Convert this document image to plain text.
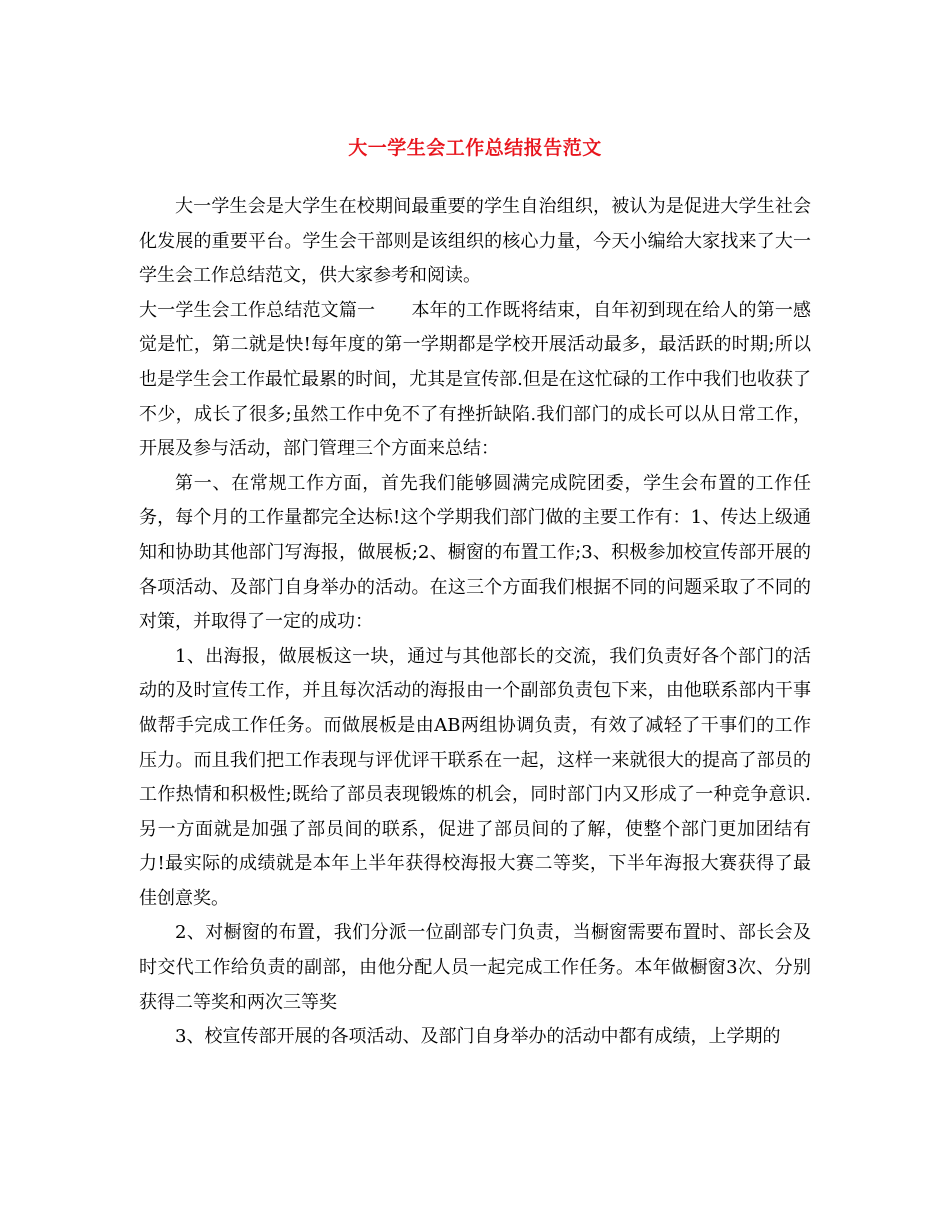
大一学生会工作总结报告范文

大一学生会是大学生在校期间最重要的学生自治组织，被认为是促进大学生社会化发展的重要平台。学生会干部则是该组织的核心力量，今天小编给大家找来了大一学生会工作总结范文，供大家参考和阅读。

大一学生会工作总结范文篇一　　本年的工作既将结束，自年初到现在给人的第一感觉是忙，第二就是快!每年度的第一学期都是学校开展活动最多，最活跃的时期;所以也是学生会工作最忙最累的时间，尤其是宣传部.但是在这忙碌的工作中我们也收获了不少，成长了很多;虽然工作中免不了有挫折缺陷.我们部门的成长可以从日常工作，开展及参与活动，部门管理三个方面来总结：

第一、在常规工作方面，首先我们能够圆满完成院团委，学生会布置的工作任务，每个月的工作量都完全达标!这个学期我们部门做的主要工作有：1、传达上级通知和协助其他部门写海报，做展板;2、橱窗的布置工作;3、积极参加校宣传部开展的各项活动、及部门自身举办的活动。在这三个方面我们根据不同的问题采取了不同的对策，并取得了一定的成功：

1、出海报，做展板这一块，通过与其他部长的交流，我们负责好各个部门的活动的及时宣传工作，并且每次活动的海报由一个副部负责包下来，由他联系部内干事做帮手完成工作任务。而做展板是由AB两组协调负责，有效了减轻了干事们的工作压力。而且我们把工作表现与评优评干联系在一起，这样一来就很大的提高了部员的工作热情和积极性;既给了部员表现锻炼的机会，同时部门内又形成了一种竞争意识.另一方面就是加强了部员间的联系，促进了部员间的了解，使整个部门更加团结有力!最实际的成绩就是本年上半年获得校海报大赛二等奖，下半年海报大赛获得了最佳创意奖。

2、对橱窗的布置，我们分派一位副部专门负责，当橱窗需要布置时、部长会及时交代工作给负责的副部，由他分配人员一起完成工作任务。本年做橱窗3次、分别获得二等奖和两次三等奖

3、校宣传部开展的各项活动、及部门自身举办的活动中都有成绩，上学期的
